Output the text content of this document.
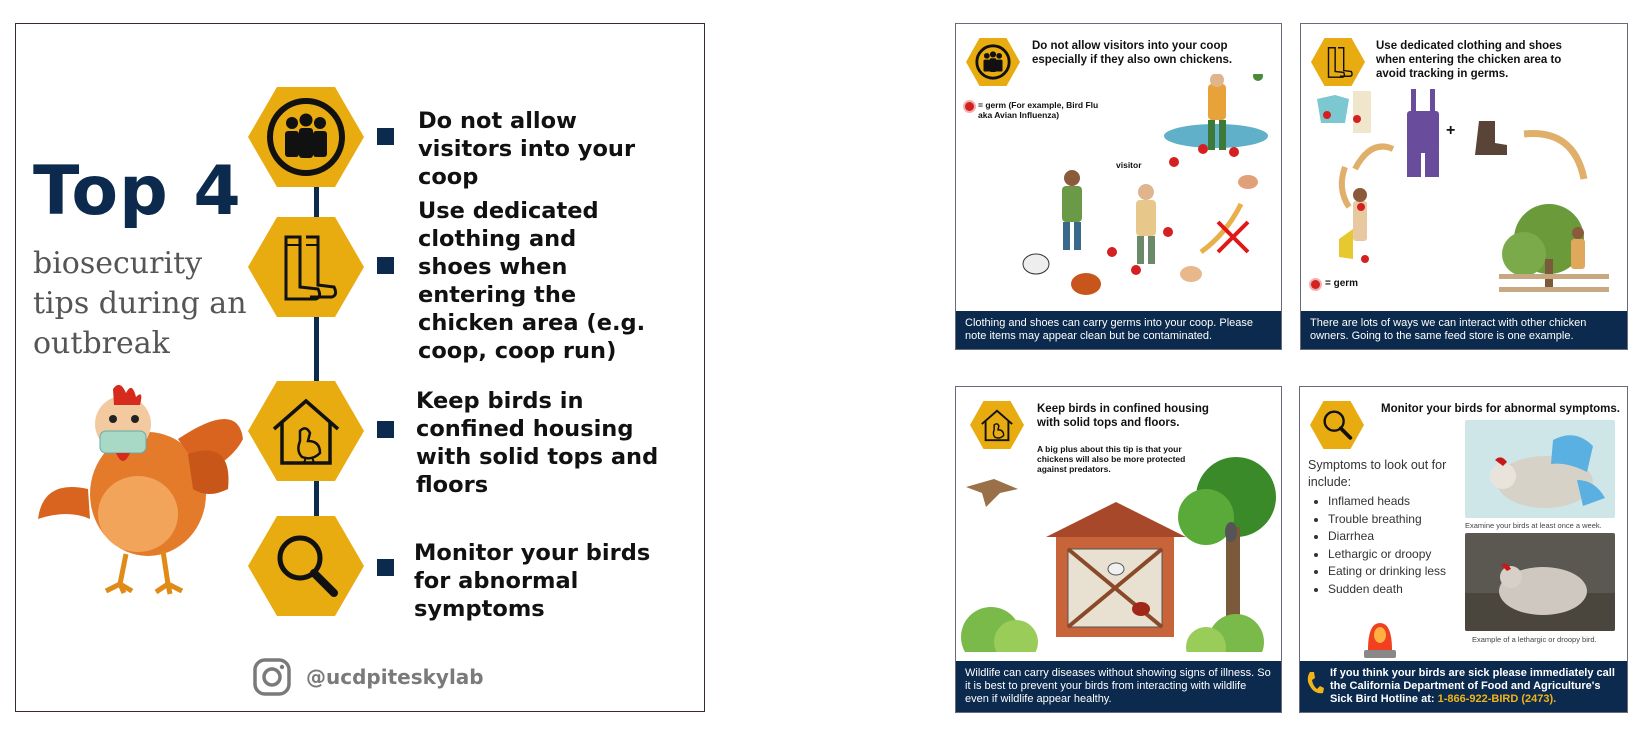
Top 4
biosecurity tips during an outbreak
Do not allow visitors into your coop
Use dedicated clothing and shoes when entering the chicken area (e.g. coop, coop run)
Keep birds in confined housing with solid tops and floors
Monitor your birds for abnormal symptoms
@ucdpiteskylab
Do not allow visitors into your coop especially if they also own chickens.
= germ (For example, Bird Flu aka Avian Influenza)
visitor
Clothing and shoes can carry germs into your coop. Please note items may appear clean but be contaminated.
Use dedicated clothing and shoes when entering the chicken area to avoid tracking in germs.
+
= germ
There are lots of ways we can interact with other chicken owners. Going to the same feed store is one example.
Keep birds in confined housing with solid tops and floors.
A big plus about this tip is that your chickens will also be more protected against predators.
Wildlife can carry diseases without showing signs of illness. So it is best to prevent your birds from interacting with wildlife even if wildlife appear healthy.
Monitor your birds for abnormal symptoms.
Symptoms to look out for include:
• Inflamed heads
• Trouble breathing
• Diarrhea
• Lethargic or droopy
• Eating or drinking less
• Sudden death
Examine your birds at least once a week.
Example of a lethargic or droopy bird.
If you think your birds are sick please immediately call the California Department of Food and Agriculture's Sick Bird Hotline at: 1-866-922-BIRD (2473).
